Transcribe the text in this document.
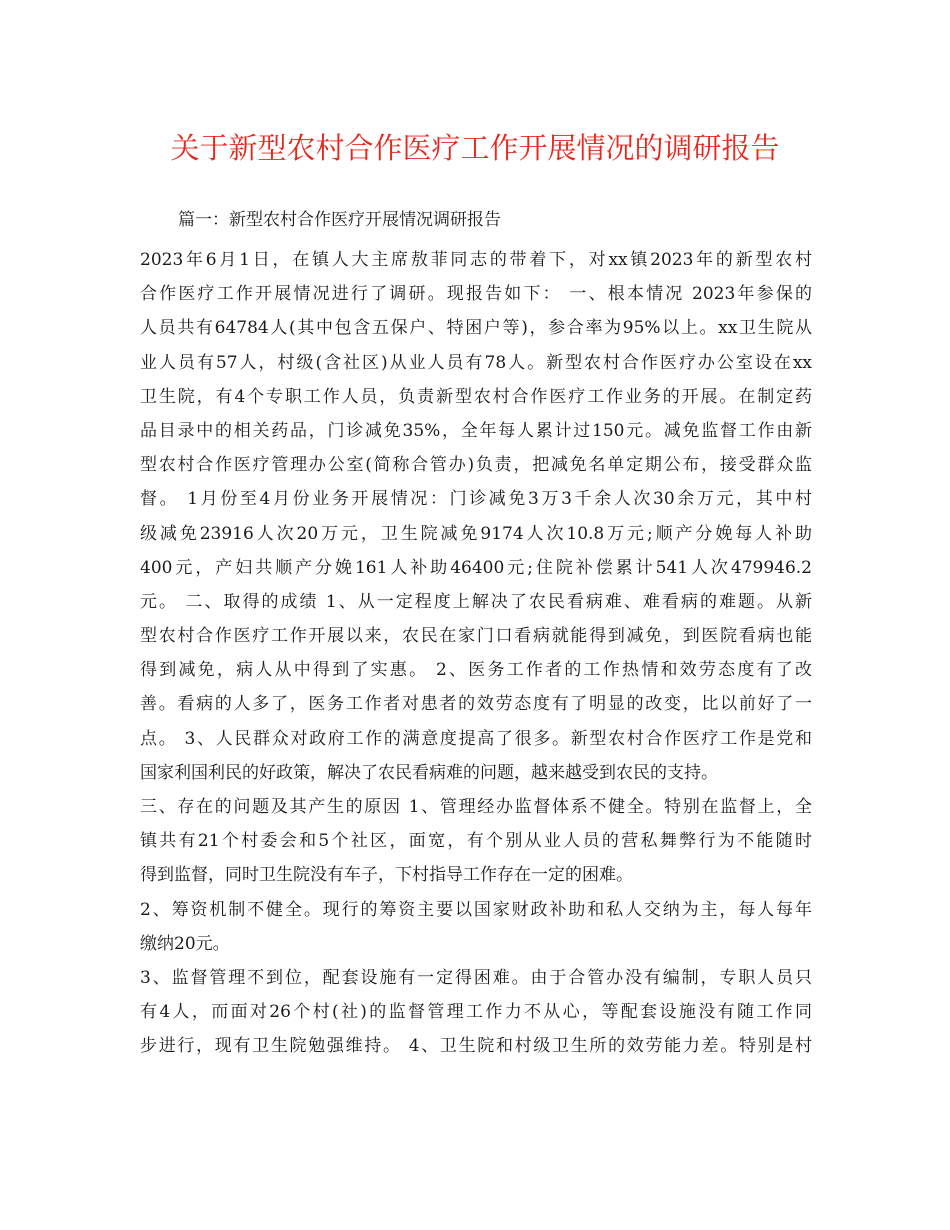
关于新型农村合作医疗工作开展情况的调研报告
篇一：新型农村合作医疗开展情况调研报告
2023年6月1日，在镇人大主席敖菲同志的带着下，对xx镇2023年的新型农村
合作医疗工作开展情况进行了调研。现报告如下： 一、根本情况 2023年参保的
人员共有64784人(其中包含五保户、特困户等)，参合率为95%以上。xx卫生院从
业人员有57人，村级(含社区)从业人员有78人。新型农村合作医疗办公室设在xx
卫生院，有4个专职工作人员，负责新型农村合作医疗工作业务的开展。在制定药
品目录中的相关药品，门诊减免35%，全年每人累计过150元。减免监督工作由新
型农村合作医疗管理办公室(简称合管办)负责，把减免名单定期公布，接受群众监
督。 1月份至4月份业务开展情况：门诊减免3万3千余人次30余万元，其中村
级减免23916人次20万元，卫生院减免9174人次10.8万元;顺产分娩每人补助
400元，产妇共顺产分娩161人补助46400元;住院补偿累计541人次479946.2
元。 二、取得的成绩 1、从一定程度上解决了农民看病难、难看病的难题。从新
型农村合作医疗工作开展以来，农民在家门口看病就能得到减免，到医院看病也能
得到减免，病人从中得到了实惠。 2、医务工作者的工作热情和效劳态度有了改
善。看病的人多了，医务工作者对患者的效劳态度有了明显的改变，比以前好了一
点。 3、人民群众对政府工作的满意度提高了很多。新型农村合作医疗工作是党和
国家利国利民的好政策，解决了农民看病难的问题，越来越受到农民的支持。
三、存在的问题及其产生的原因 1、管理经办监督体系不健全。特别在监督上，全
镇共有21个村委会和5个社区，面宽，有个别从业人员的营私舞弊行为不能随时
得到监督，同时卫生院没有车子，下村指导工作存在一定的困难。
2、筹资机制不健全。现行的筹资主要以国家财政补助和私人交纳为主，每人每年
缴纳20元。
3、监督管理不到位，配套设施有一定得困难。由于合管办没有编制，专职人员只
有4人，而面对26个村(社)的监督管理工作力不从心，等配套设施没有随工作同
步进行，现有卫生院勉强维持。 4、卫生院和村级卫生所的效劳能力差。特别是村
